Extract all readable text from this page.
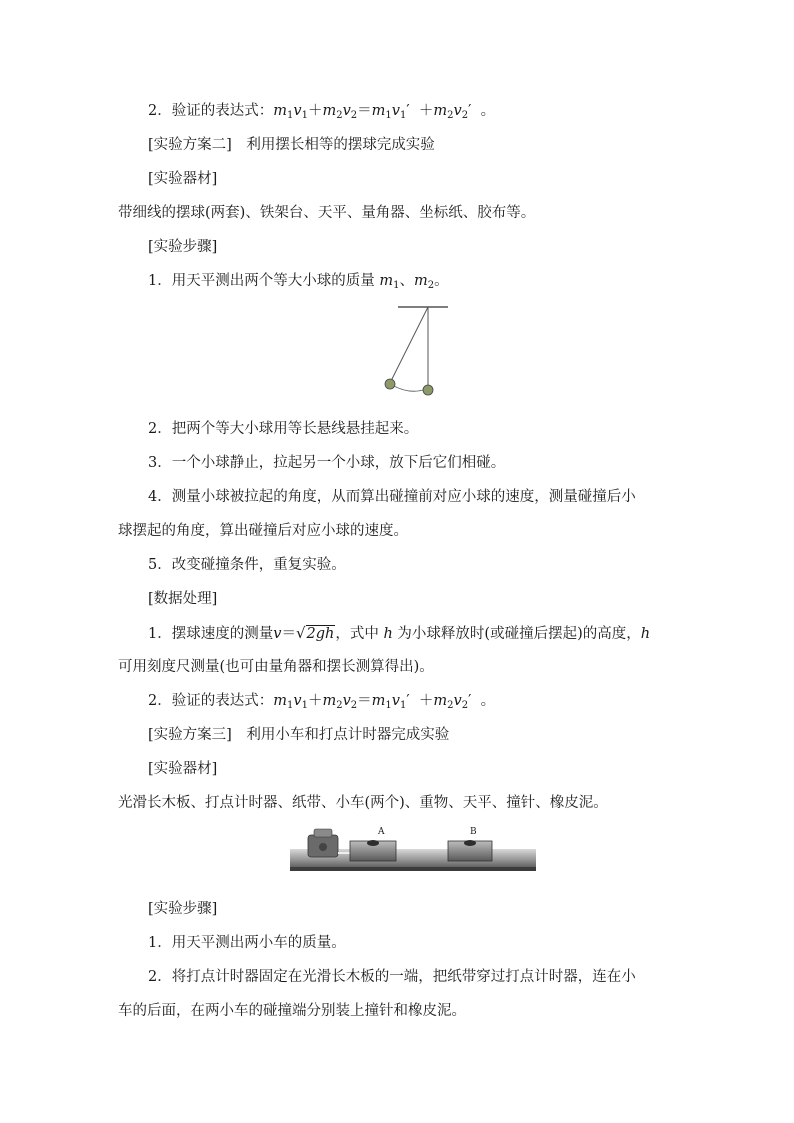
2．验证的表达式：$m_1v_1+m_2v_2=m_1v_1' +m_2v_2'$ 。
[实验方案二]　利用摆长相等的摆球完成实验
[实验器材]
带细线的摆球(两套)、铁架台、天平、量角器、坐标纸、胶布等。
[实验步骤]
1．用天平测出两个等大小球的质量 $m_1$、$m_2$。
2．把两个等大小球用等长悬线悬挂起来。
3．一个小球静止，拉起另一个小球，放下后它们相碰。
4．测量小球被拉起的角度，从而算出碰撞前对应小球的速度，测量碰撞后小
球摆起的角度，算出碰撞后对应小球的速度。
5．改变碰撞条件，重复实验。
[数据处理]
1．摆球速度的测量v＝√2gh，式中 h 为小球释放时(或碰撞后摆起)的高度，h
可用刻度尺测量(也可由量角器和摆长测算得出)。
2．验证的表达式：$m_1v_1+m_2v_2=m_1v_1' +m_2v_2'$ 。
[实验方案三]　利用小车和打点计时器完成实验
[实验器材]
光滑长木板、打点计时器、纸带、小车(两个)、重物、天平、撞针、橡皮泥。
A	B
[实验步骤]
1．用天平测出两小车的质量。
2．将打点计时器固定在光滑长木板的一端，把纸带穿过打点计时器，连在小
车的后面，在两小车的碰撞端分别装上撞针和橡皮泥。
